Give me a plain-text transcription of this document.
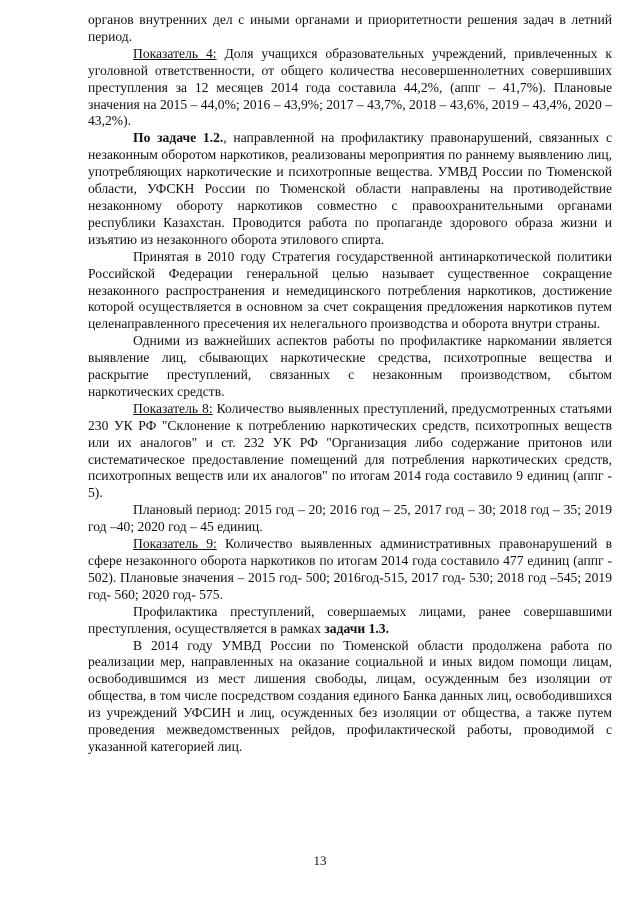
органов внутренних дел с иными органами и приоритетности решения задач в летний период.

Показатель 4: Доля учащихся образовательных учреждений, привлеченных к уголовной ответственности, от общего количества несовершеннолетних совершивших преступления за 12 месяцев 2014 года составила 44,2%, (аппг – 41,7%). Плановые значения на 2015 – 44,0%; 2016 – 43,9%; 2017 – 43,7%, 2018 – 43,6%, 2019 – 43,4%, 2020 – 43,2%).

По задаче 1.2., направленной на профилактику правонарушений, связанных с незаконным оборотом наркотиков, реализованы мероприятия по раннему выявлению лиц, употребляющих наркотические и психотропные вещества. УМВД России по Тюменской области, УФСКН России по Тюменской области направлены на противодействие незаконному обороту наркотиков совместно с правоохранительными органами республики Казахстан. Проводится работа по пропаганде здорового образа жизни и изъятию из незаконного оборота этилового спирта.

Принятая в 2010 году Стратегия государственной антинаркотической политики Российской Федерации генеральной целью называет существенное сокращение незаконного распространения и немедицинского потребления наркотиков, достижение которой осуществляется в основном за счет сокращения предложения наркотиков путем целенаправленного пресечения их нелегального производства и оборота внутри страны.

Одними из важнейших аспектов работы по профилактике наркомании является выявление лиц, сбывающих наркотические средства, психотропные вещества и раскрытие преступлений, связанных с незаконным производством, сбытом наркотических средств.

Показатель 8: Количество выявленных преступлений, предусмотренных статьями 230 УК РФ "Склонение к потреблению наркотических средств, психотропных веществ или их аналогов" и ст. 232 УК РФ "Организация либо содержание притонов или систематическое предоставление помещений для потребления наркотических средств, психотропных веществ или их аналогов" по итогам 2014 года составило 9 единиц (аппг - 5).

Плановый период: 2015 год – 20; 2016 год – 25, 2017 год – 30; 2018 год – 35; 2019 год –40; 2020 год – 45 единиц.

Показатель 9: Количество выявленных административных правонарушений в сфере незаконного оборота наркотиков по итогам 2014 года составило 477 единиц (аппг - 502). Плановые значения – 2015 год- 500; 2016год-515, 2017 год- 530; 2018 год –545; 2019 год- 560; 2020 год- 575.

Профилактика преступлений, совершаемых лицами, ранее совершавшими преступления, осуществляется в рамках задачи 1.3.

В 2014 году УМВД России по Тюменской области продолжена работа по реализации мер, направленных на оказание социальной и иных видом помощи лицам, освободившимся из мест лишения свободы, лицам, осужденным без изоляции от общества, в том числе посредством создания единого Банка данных лиц, освободившихся из учреждений УФСИН и лиц, осужденных без изоляции от общества, а также путем проведения межведомственных рейдов, профилактической работы, проводимой с указанной категорией лиц.

13
